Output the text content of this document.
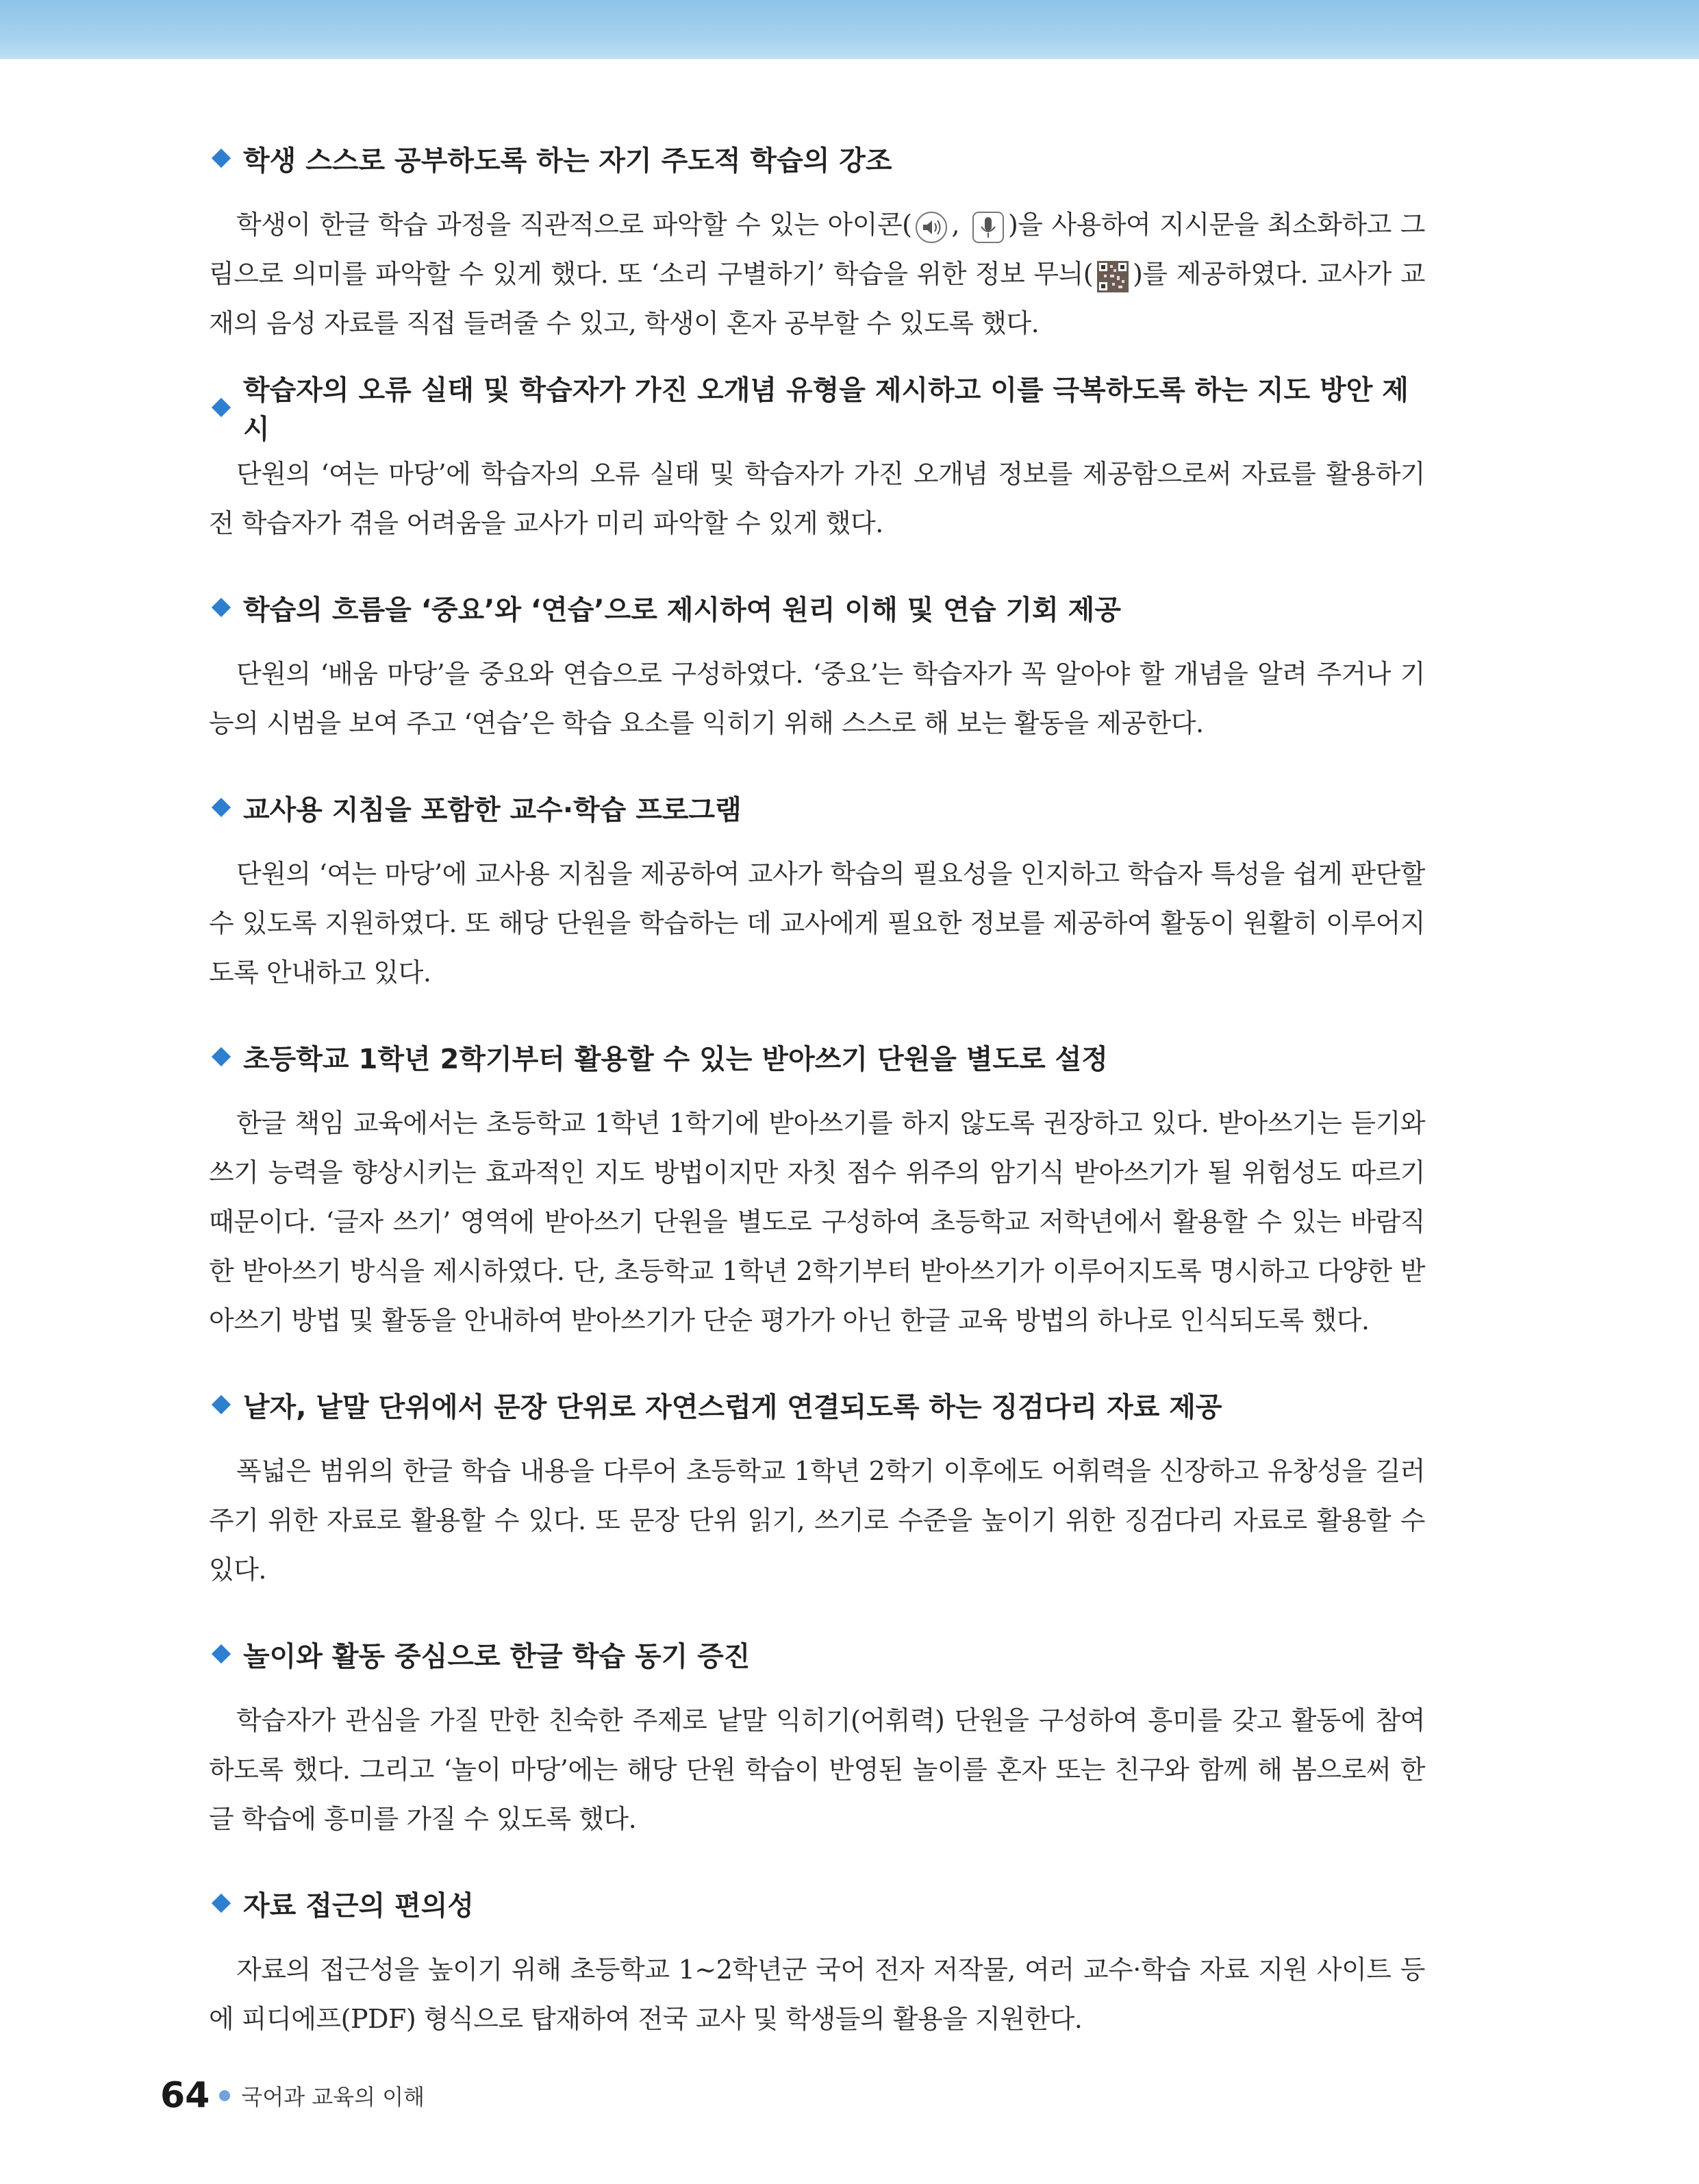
학생 스스로 공부하도록 하는 자기 주도적 학습의 강조

학생이 한글 학습 과정을 직관적으로 파악할 수 있는 아이콘( , )을 사용하여 지시문을 최소화하고 그림으로 의미를 파악할 수 있게 했다. 또 ‘소리 구별하기’ 학습을 위한 정보 무늬( )를 제공하였다. 교사가 교재의 음성 자료를 직접 들려줄 수 있고, 학생이 혼자 공부할 수 있도록 했다.

학습자의 오류 실태 및 학습자가 가진 오개념 유형을 제시하고 이를 극복하도록 하는 지도 방안 제시

단원의 ‘여는 마당’에 학습자의 오류 실태 및 학습자가 가진 오개념 정보를 제공함으로써 자료를 활용하기 전 학습자가 겪을 어려움을 교사가 미리 파악할 수 있게 했다.

학습의 흐름을 ‘중요’와 ‘연습’으로 제시하여 원리 이해 및 연습 기회 제공

단원의 ‘배움 마당’을 중요와 연습으로 구성하였다. ‘중요’는 학습자가 꼭 알아야 할 개념을 알려 주거나 기능의 시범을 보여 주고 ‘연습’은 학습 요소를 익히기 위해 스스로 해 보는 활동을 제공한다.

교사용 지침을 포함한 교수·학습 프로그램

단원의 ‘여는 마당’에 교사용 지침을 제공하여 교사가 학습의 필요성을 인지하고 학습자 특성을 쉽게 판단할 수 있도록 지원하였다. 또 해당 단원을 학습하는 데 교사에게 필요한 정보를 제공하여 활동이 원활히 이루어지도록 안내하고 있다.

초등학교 1학년 2학기부터 활용할 수 있는 받아쓰기 단원을 별도로 설정

한글 책임 교육에서는 초등학교 1학년 1학기에 받아쓰기를 하지 않도록 권장하고 있다. 받아쓰기는 듣기와 쓰기 능력을 향상시키는 효과적인 지도 방법이지만 자칫 점수 위주의 암기식 받아쓰기가 될 위험성도 따르기 때문이다. ‘글자 쓰기’ 영역에 받아쓰기 단원을 별도로 구성하여 초등학교 저학년에서 활용할 수 있는 바람직한 받아쓰기 방식을 제시하였다. 단, 초등학교 1학년 2학기부터 받아쓰기가 이루어지도록 명시하고 다양한 받아쓰기 방법 및 활동을 안내하여 받아쓰기가 단순 평가가 아닌 한글 교육 방법의 하나로 인식되도록 했다.

낱자, 낱말 단위에서 문장 단위로 자연스럽게 연결되도록 하는 징검다리 자료 제공

폭넓은 범위의 한글 학습 내용을 다루어 초등학교 1학년 2학기 이후에도 어휘력을 신장하고 유창성을 길러 주기 위한 자료로 활용할 수 있다. 또 문장 단위 읽기, 쓰기로 수준을 높이기 위한 징검다리 자료로 활용할 수 있다.

놀이와 활동 중심으로 한글 학습 동기 증진

학습자가 관심을 가질 만한 친숙한 주제로 낱말 익히기(어휘력) 단원을 구성하여 흥미를 갖고 활동에 참여하도록 했다. 그리고 ‘놀이 마당’에는 해당 단원 학습이 반영된 놀이를 혼자 또는 친구와 함께 해 봄으로써 한글 학습에 흥미를 가질 수 있도록 했다.

자료 접근의 편의성

자료의 접근성을 높이기 위해 초등학교 1~2학년군 국어 전자 저작물, 여러 교수·학습 자료 지원 사이트 등에 피디에프(PDF) 형식으로 탑재하여 전국 교사 및 학생들의 활용을 지원한다.

64 국어과 교육의 이해
